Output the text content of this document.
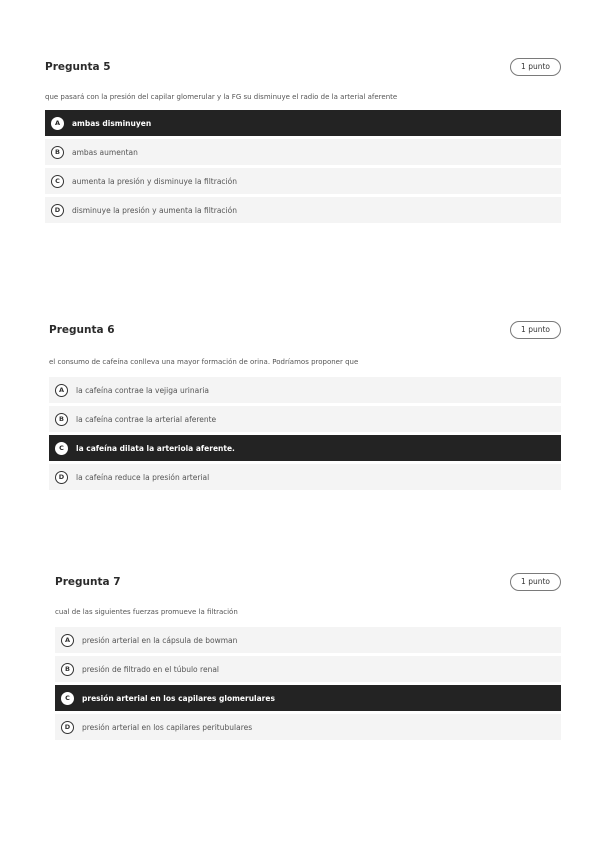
Pregunta 5	1 punto
que pasará con la presión del capilar glomerular y la FG su disminuye el radio de la arterial aferente
A	ambas disminuyen
B	ambas aumentan
C	aumenta la presión y disminuye la filtración
D	disminuye la presión y aumenta la filtración
Pregunta 6	1 punto
el consumo de cafeína conlleva una mayor formación de orina. Podríamos proponer que
A	la cafeína contrae la vejiga urinaria
B	la cafeína contrae la arterial aferente
C	la cafeína dilata la arteriola aferente.
D	la cafeína reduce la presión arterial
Pregunta 7	1 punto
cual de las siguientes fuerzas promueve la filtración
A	presión arterial en la cápsula de bowman
B	presión de filtrado en el túbulo renal
C	presión arterial en los capilares glomerulares
D	presión arterial en los capilares peritubulares
